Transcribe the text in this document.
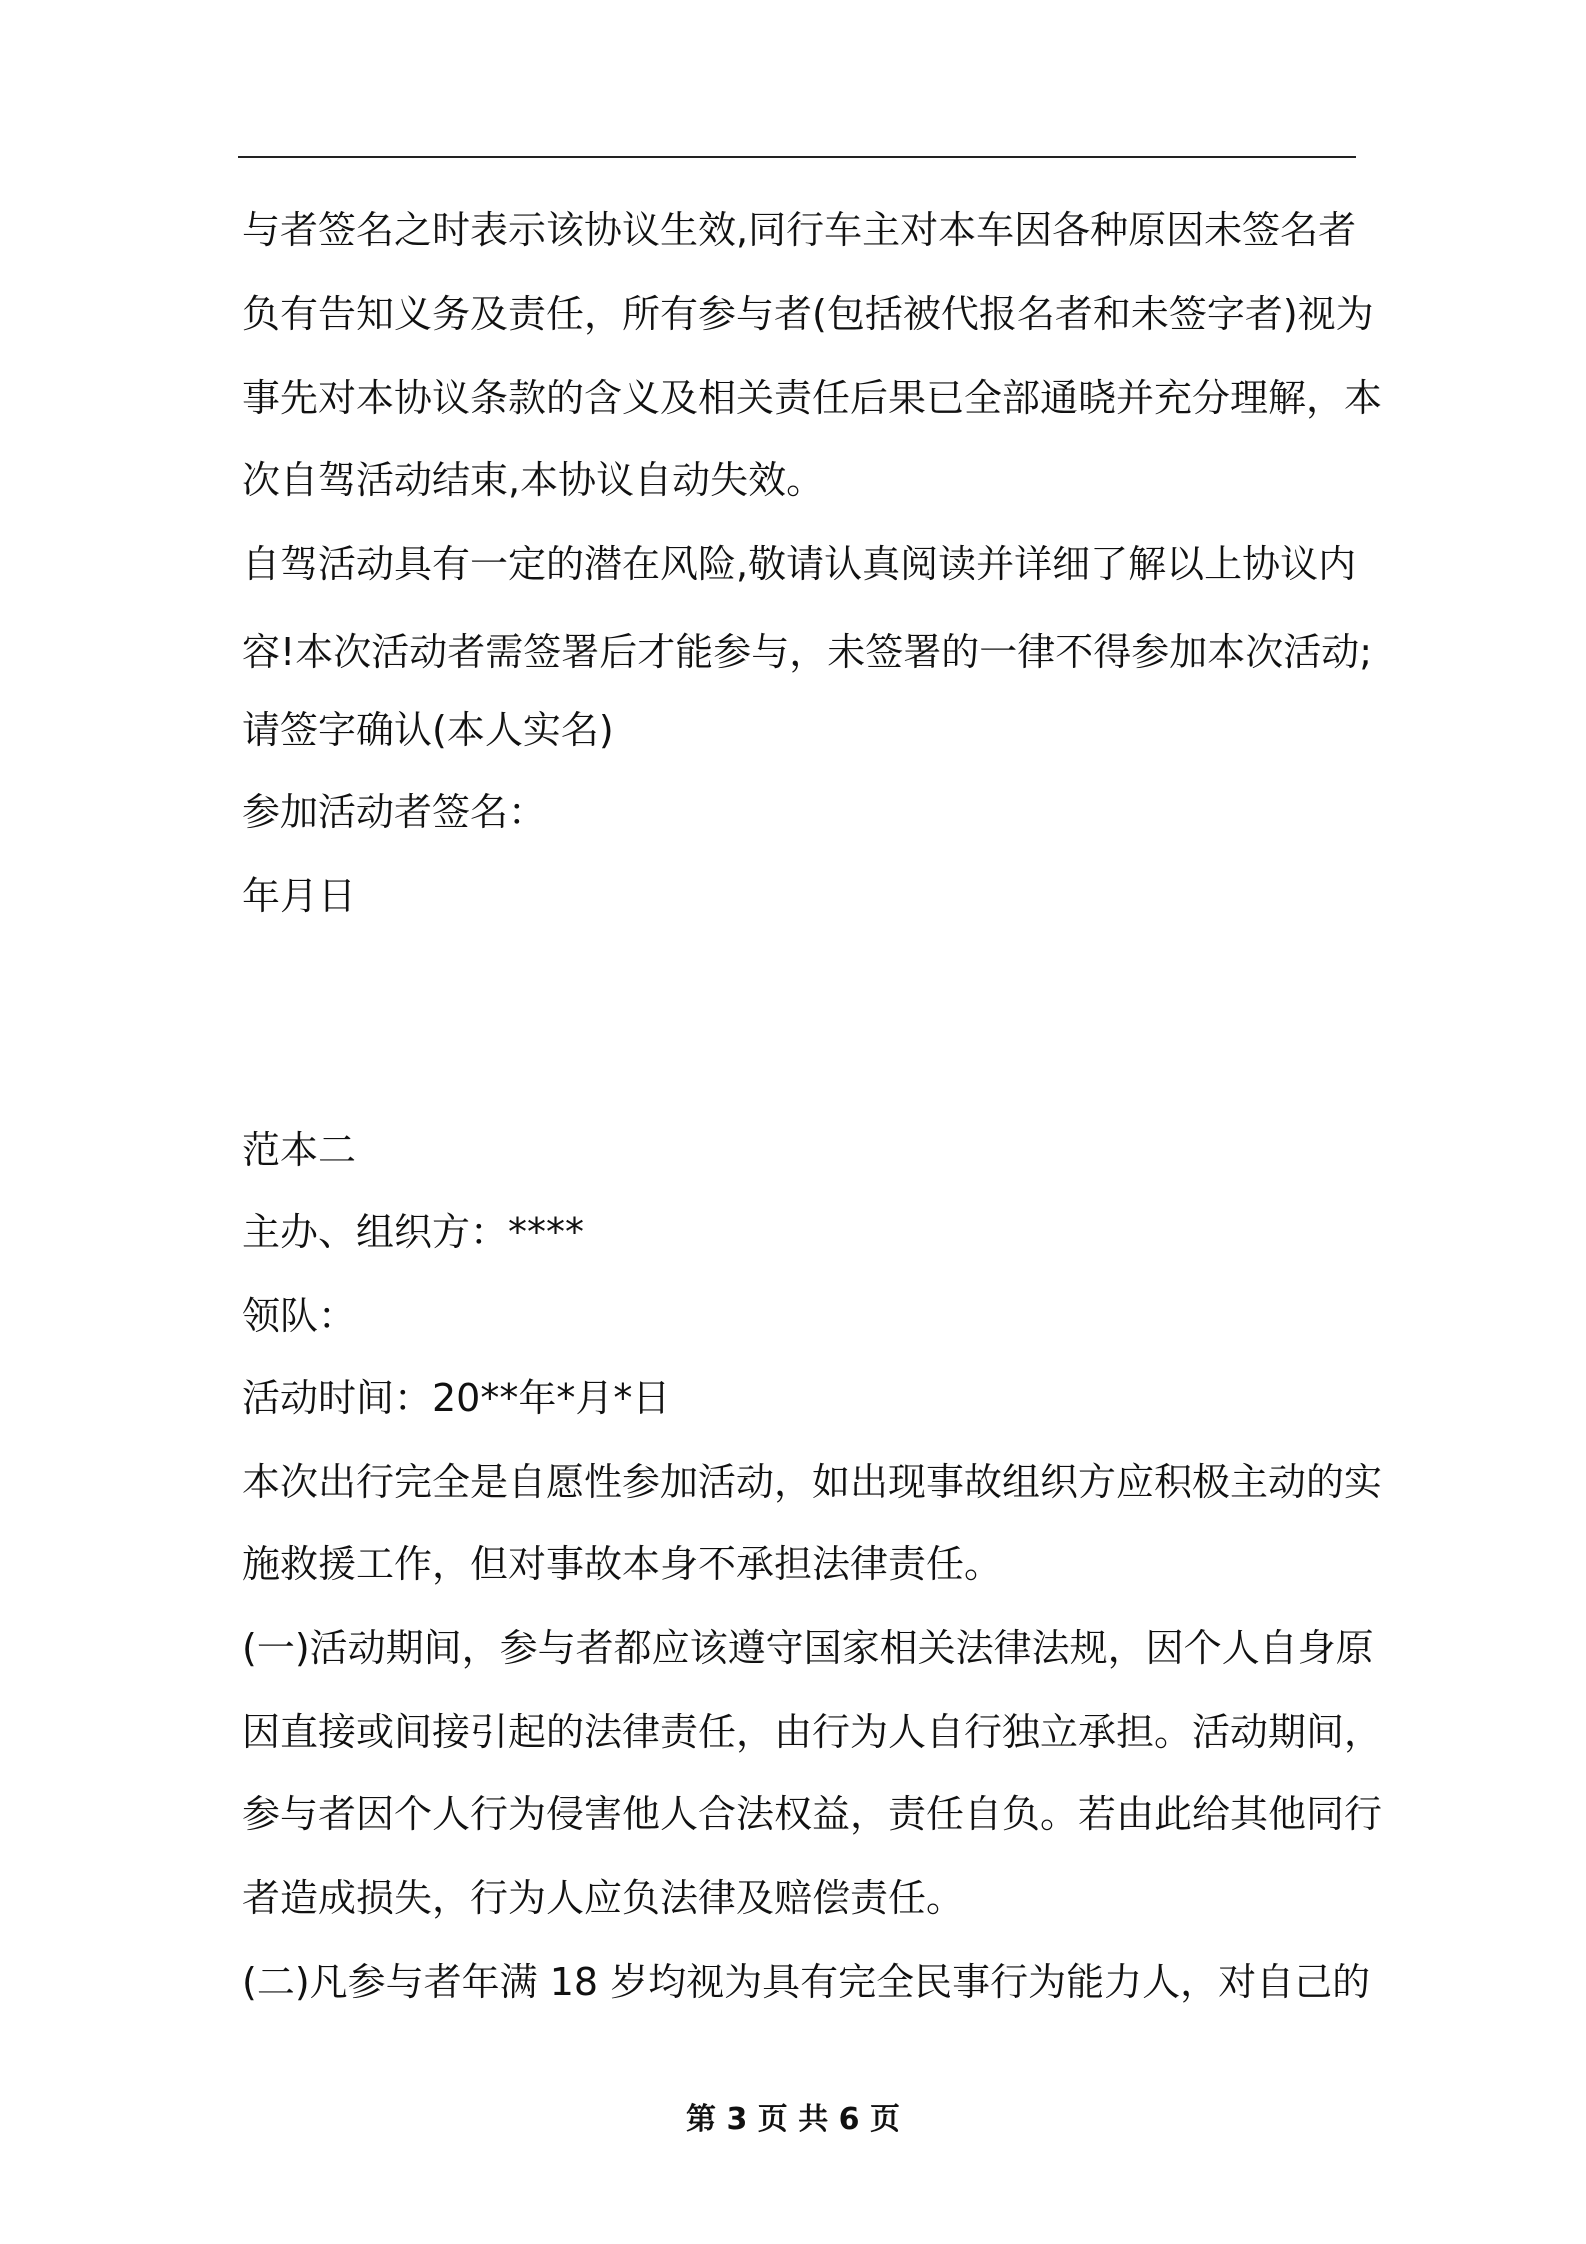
与者签名之时表示该协议生效,同行车主对本车因各种原因未签名者
负有告知义务及责任，所有参与者(包括被代报名者和未签字者)视为
事先对本协议条款的含义及相关责任后果已全部通晓并充分理解，本
次自驾活动结束,本协议自动失效。
自驾活动具有一定的潜在风险,敬请认真阅读并详细了解以上协议内
容!本次活动者需签署后才能参与，未签署的一律不得参加本次活动;
请签字确认(本人实名)
参加活动者签名：
年月日
范本二
主办、组织方：****
领队：
活动时间：20**年*月*日
本次出行完全是自愿性参加活动，如出现事故组织方应积极主动的实
施救援工作，但对事故本身不承担法律责任。
(一)活动期间，参与者都应该遵守国家相关法律法规，因个人自身原
因直接或间接引起的法律责任，由行为人自行独立承担。活动期间，
参与者因个人行为侵害他人合法权益，责任自负。若由此给其他同行
者造成损失，行为人应负法律及赔偿责任。
(二)凡参与者年满 18 岁均视为具有完全民事行为能力人，对自己的
第 3 页 共 6 页
